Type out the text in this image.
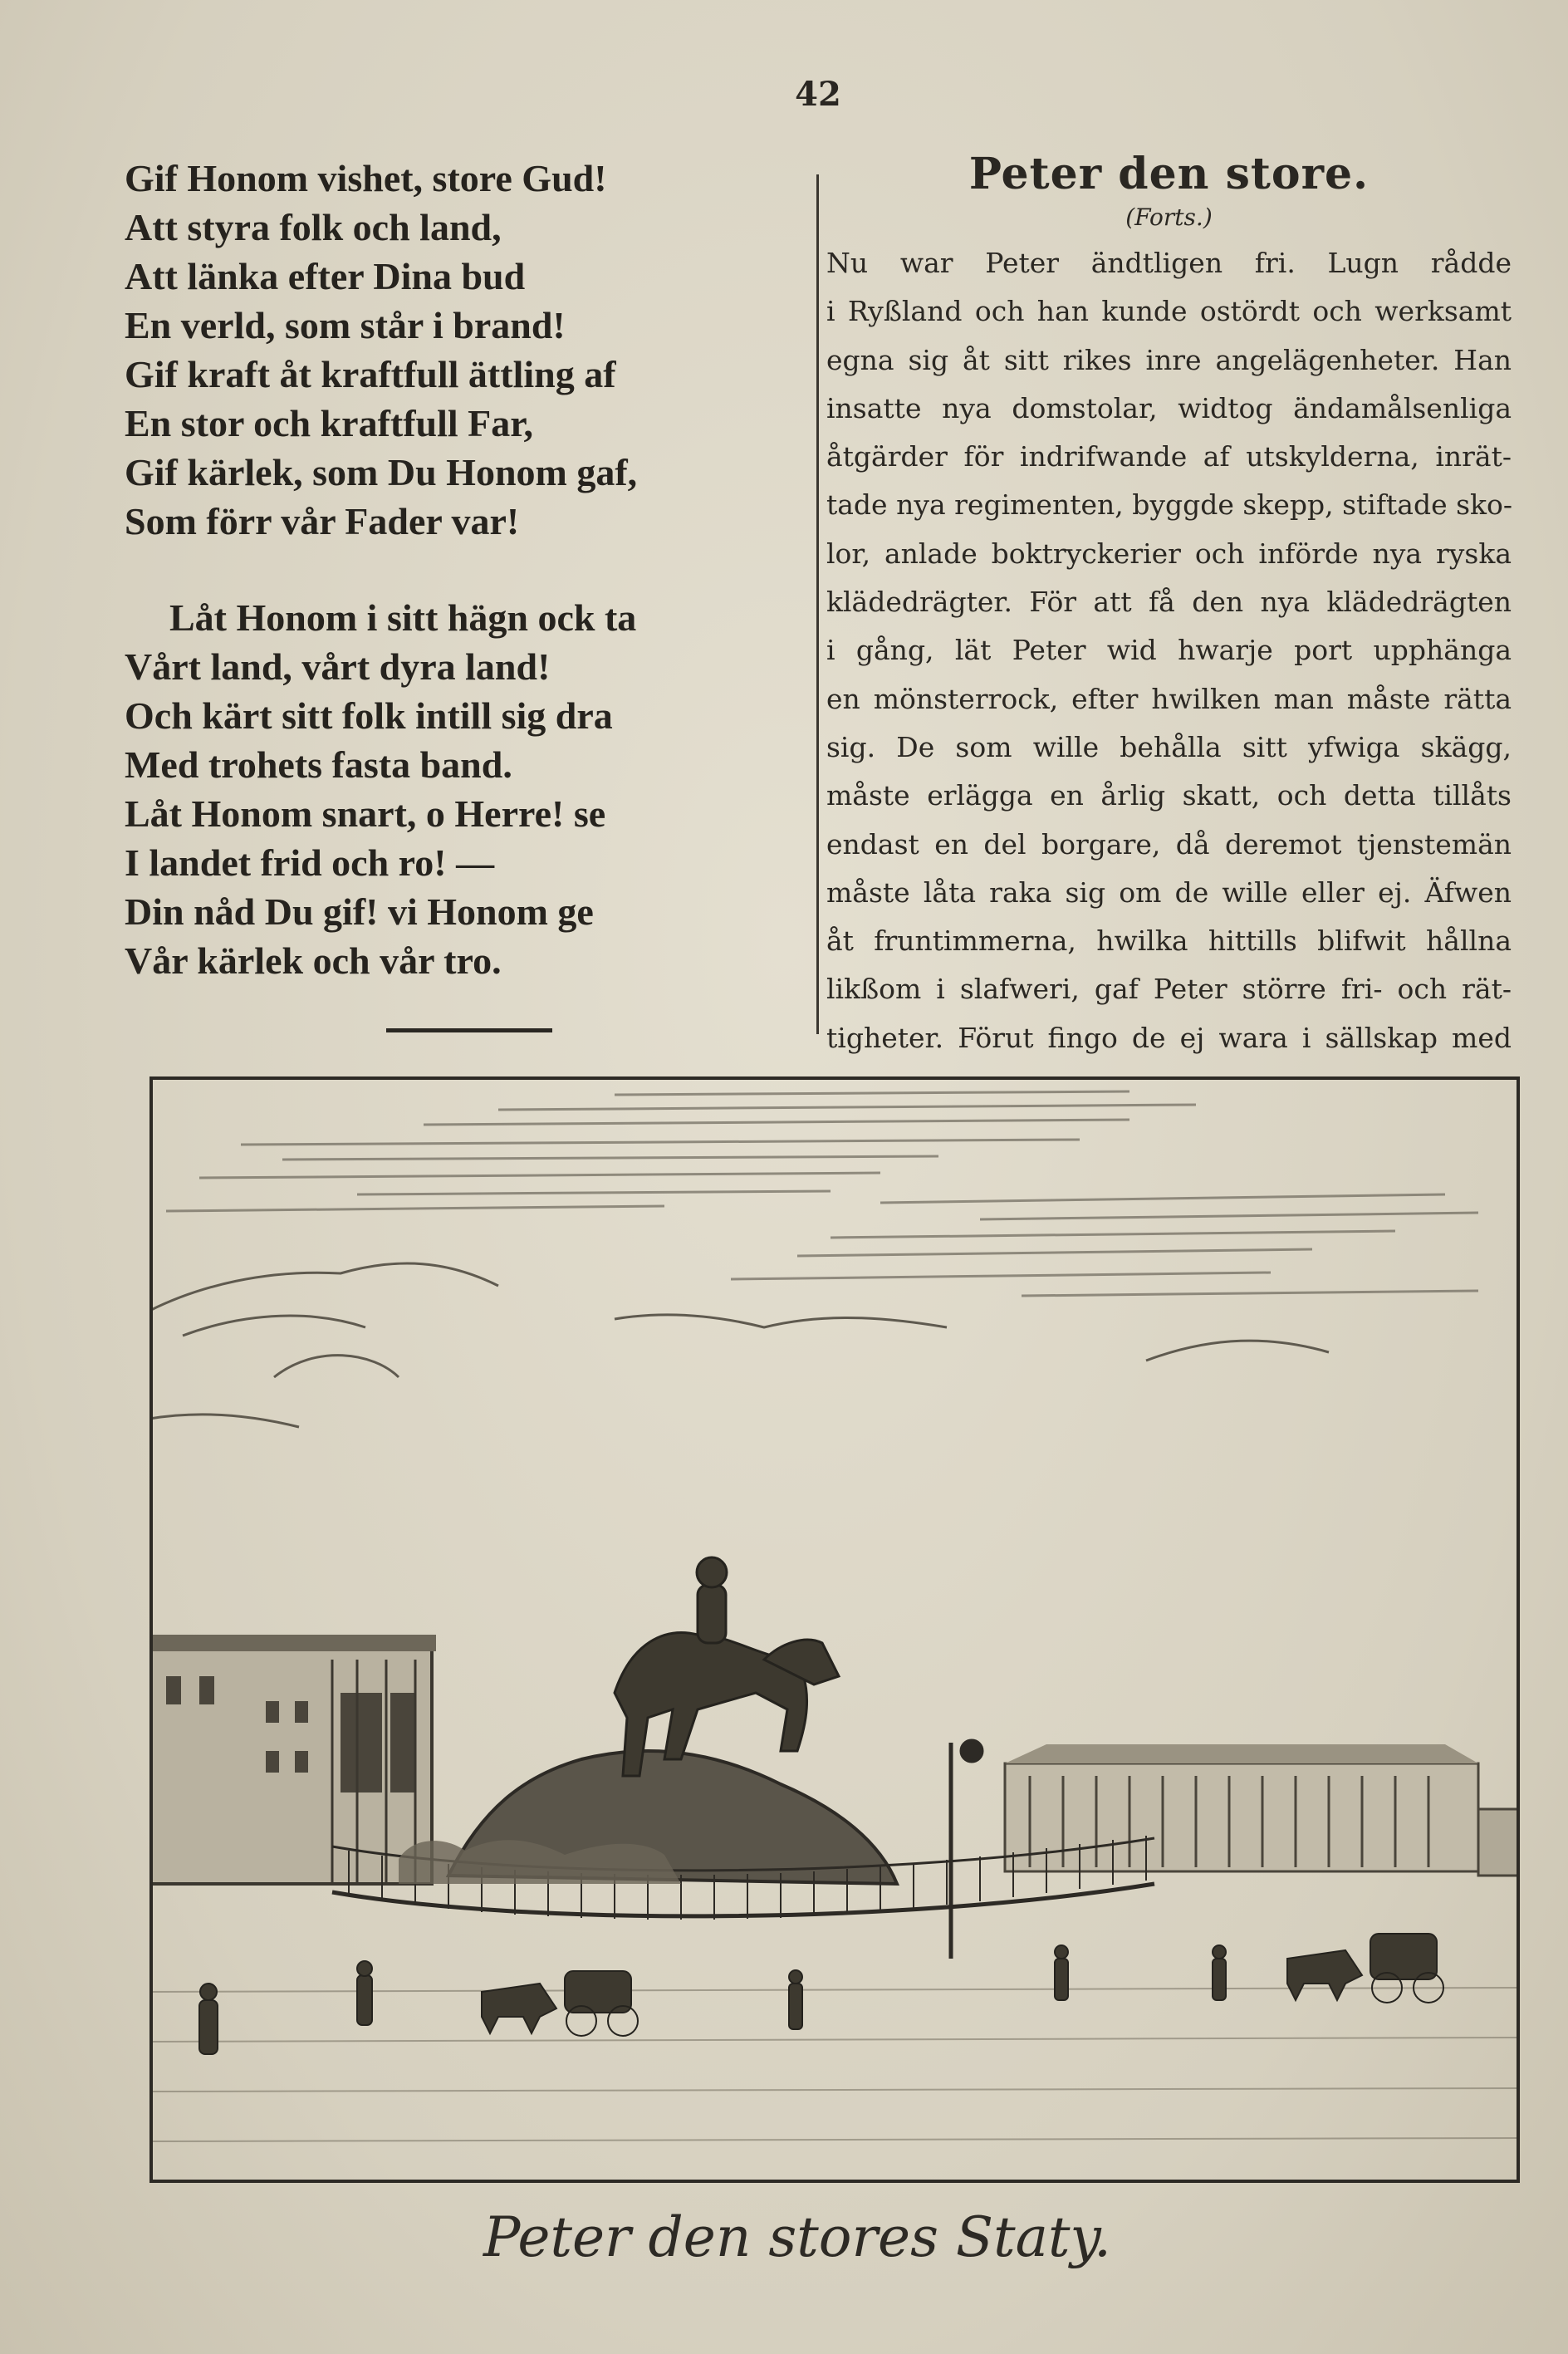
42
Gif Honom vishet, store Gud!
Att styra folk och land,
Att länka efter Dina bud
En verld, som står i brand!
Gif kraft åt kraftfull ättling af
En stor och kraftfull Far,
Gif kärlek, som Du Honom gaf,
Som förr vår Fader var!
Låt Honom i sitt hägn ock ta
Vårt land, vårt dyra land!
Och kärt sitt folk intill sig dra
Med trohets fasta band.
Låt Honom snart, o Herre! se
I landet frid och ro! —
Din nåd Du gif! vi Honom ge
Vår kärlek och vår tro.
Peter den store.
(Forts.)
Nu war Peter ändtligen fri. Lugn rådde
i Ryßland och han kunde ostördt och werksamt
egna sig åt sitt rikes inre angelägenheter. Han
insatte nya domstolar, widtog ändamålsenliga
åtgärder för indrifwande af utskylderna, inrät-
tade nya regimenten, byggde skepp, stiftade sko-
lor, anlade boktryckerier och införde nya ryska
klädedrägter. För att få den nya klädedrägten
i gång, lät Peter wid hwarje port upphänga
en mönsterrock, efter hwilken man måste rätta
sig. De som wille behålla sitt yfwiga skägg,
måste erlägga en årlig skatt, och detta tillåts
endast en del borgare, då deremot tjenstemän
måste låta raka sig om de wille eller ej. Äfwen
åt fruntimmerna, hwilka hittills blifwit hållna
likßom i slafweri, gaf Peter större fri- och rät-
tigheter. Förut fingo de ej wara i sällskap med
Peter den stores Staty.
